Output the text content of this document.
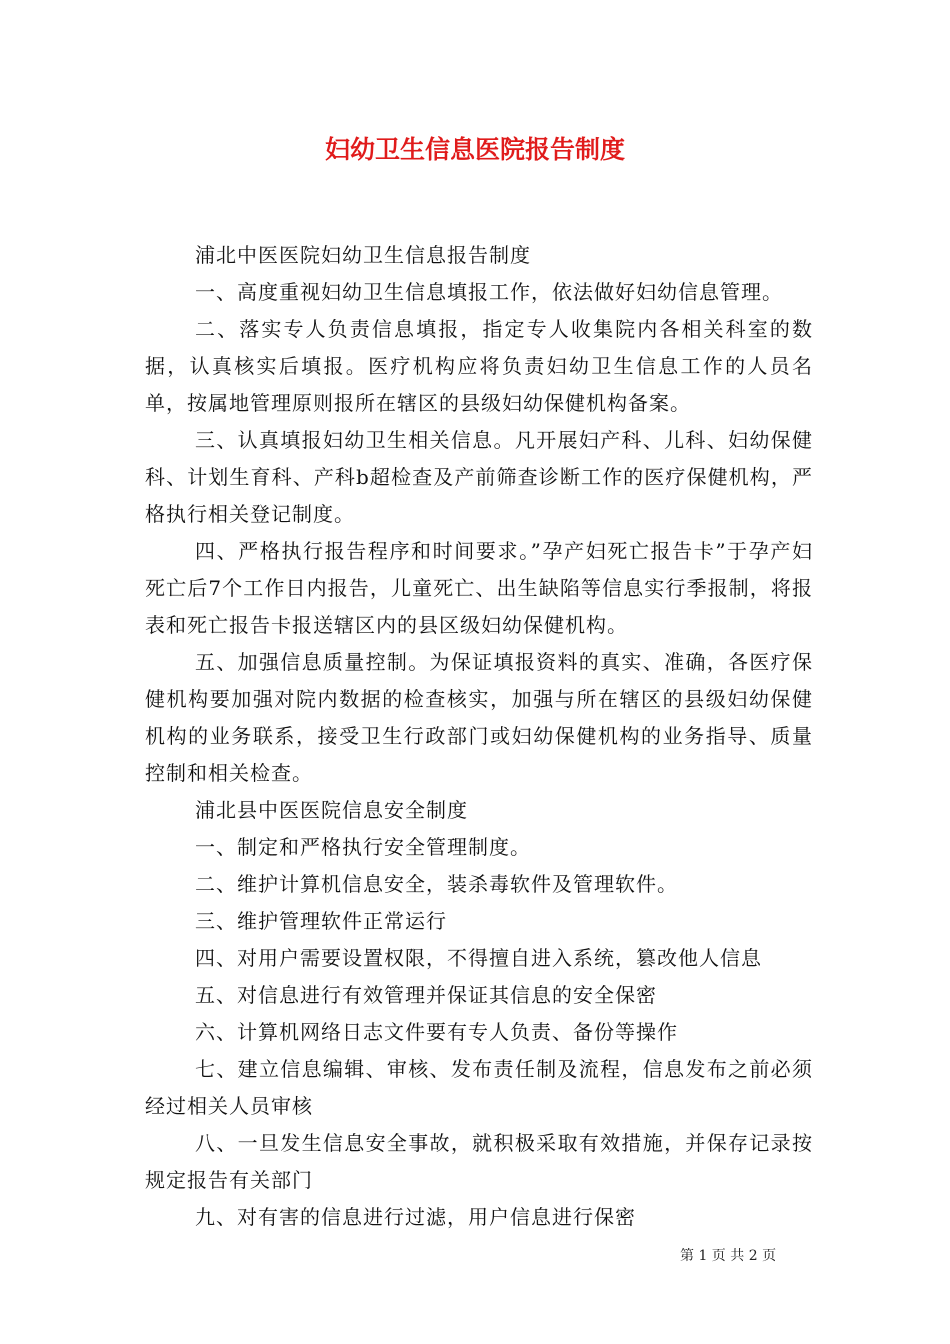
妇幼卫生信息医院报告制度

浦北中医医院妇幼卫生信息报告制度

一、高度重视妇幼卫生信息填报工作，依法做好妇幼信息管理。

二、落实专人负责信息填报，指定专人收集院内各相关科室的数据，认真核实后填报。医疗机构应将负责妇幼卫生信息工作的人员名单，按属地管理原则报所在辖区的县级妇幼保健机构备案。

三、认真填报妇幼卫生相关信息。凡开展妇产科、儿科、妇幼保健科、计划生育科、产科b超检查及产前筛查诊断工作的医疗保健机构，严格执行相关登记制度。

四、严格执行报告程序和时间要求。”孕产妇死亡报告卡”于孕产妇死亡后7个工作日内报告，儿童死亡、出生缺陷等信息实行季报制，将报表和死亡报告卡报送辖区内的县区级妇幼保健机构。

五、加强信息质量控制。为保证填报资料的真实、准确，各医疗保健机构要加强对院内数据的检查核实，加强与所在辖区的县级妇幼保健机构的业务联系，接受卫生行政部门或妇幼保健机构的业务指导、质量控制和相关检查。

浦北县中医医院信息安全制度

一、制定和严格执行安全管理制度。

二、维护计算机信息安全，装杀毒软件及管理软件。

三、维护管理软件正常运行

四、对用户需要设置权限，不得擅自进入系统，篡改他人信息

五、对信息进行有效管理并保证其信息的安全保密

六、计算机网络日志文件要有专人负责、备份等操作

七、建立信息编辑、审核、发布责任制及流程，信息发布之前必须经过相关人员审核

八、一旦发生信息安全事故，就积极采取有效措施，并保存记录按规定报告有关部门

九、对有害的信息进行过滤，用户信息进行保密

第 1 页 共 2 页
